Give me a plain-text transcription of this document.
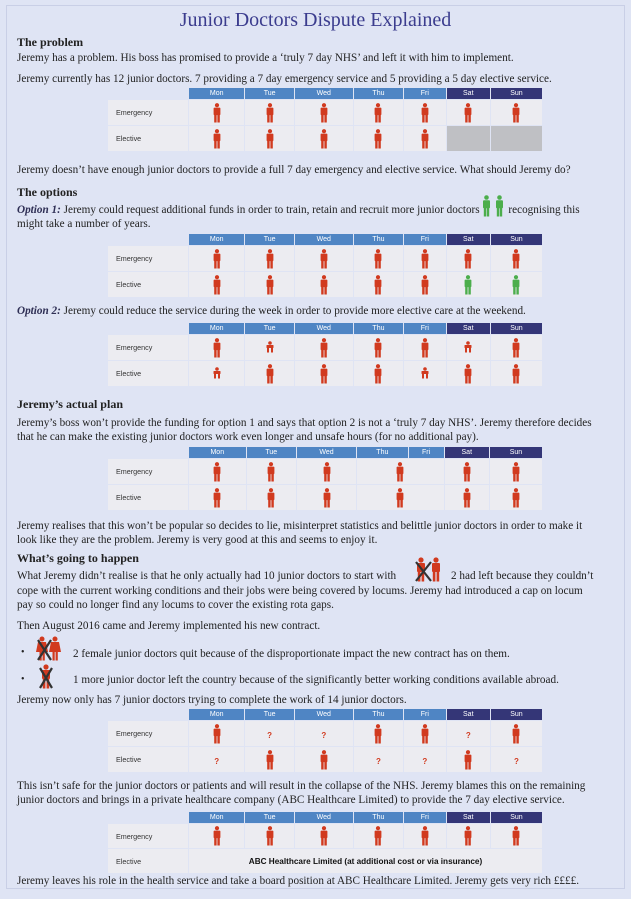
Junior Doctors Dispute Explained
The problem
Jeremy has a problem. His boss has promised to provide a ‘truly 7 day NHS’ and left it with him to implement.
Jeremy currently has 12 junior doctors. 7 providing a 7 day emergency service and 5 providing a 5 day elective service.
	Mon	Tue	Wed	Thu	Fri	Sat	Sun
Emergency							
Elective							
Jeremy doesn’t have enough junior doctors to provide a full 7 day emergency and elective service. What should Jeremy do?
The options
Option 1: Jeremy could request additional funds in order to train, retain and recruit more junior doctors recognising this
might take a number of years.
	Mon	Tue	Wed	Thu	Fri	Sat	Sun
Emergency							
Elective							
Option 2: Jeremy could reduce the service during the week in order to provide more elective care at the weekend.
	Mon	Tue	Wed	Thu	Fri	Sat	Sun
Emergency							
Elective							
Jeremy’s actual plan
Jeremy’s boss won’t provide the funding for option 1 and says that option 2 is not a ‘truly 7 day NHS’. Jeremy therefore decides
that he can make the existing junior doctors work even longer and unsafe hours (for no additional pay).
	Mon	Tue	Wed	Thu	Fri	Sat	Sun
Emergency						
Elective						
Jeremy realises that this won’t be popular so decides to lie, misinterpret statistics and belittle junior doctors in order to make it
look like they are the problem. Jeremy is very good at this and seems to enjoy it.
What’s going to happen
What Jeremy didn’t realise is that he only actually had 10 junior doctors to start with	2 had left because they couldn’t
cope with the current working conditions and their jobs were being covered by locums. Jeremy had introduced a cap on locum
pay so could no longer find any locums to cover the existing rota gaps.
Then August 2016 came and Jeremy implemented his new contract.
•	2 female junior doctors quit because of the disproportionate impact the new contract has on them.
•	1 more junior doctor left the country because of the significantly better working conditions available abroad.
Jeremy now only has 7 junior doctors trying to complete the work of 14 junior doctors.
	Mon	Tue	Wed	Thu	Fri	Sat	Sun
Emergency		?	?			?	
Elective	?			?	?		?
This isn’t safe for the junior doctors or patients and will result in the collapse of the NHS. Jeremy blames this on the remaining
junior doctors and brings in a private healthcare company (ABC Healthcare Limited) to provide the 7 day elective service.
	Mon	Tue	Wed	Thu	Fri	Sat	Sun
Emergency							
Elective	ABC Healthcare Limited (at additional cost or via insurance)						
Jeremy leaves his role in the health service and take a board position at ABC Healthcare Limited. Jeremy gets very rich ££££.
